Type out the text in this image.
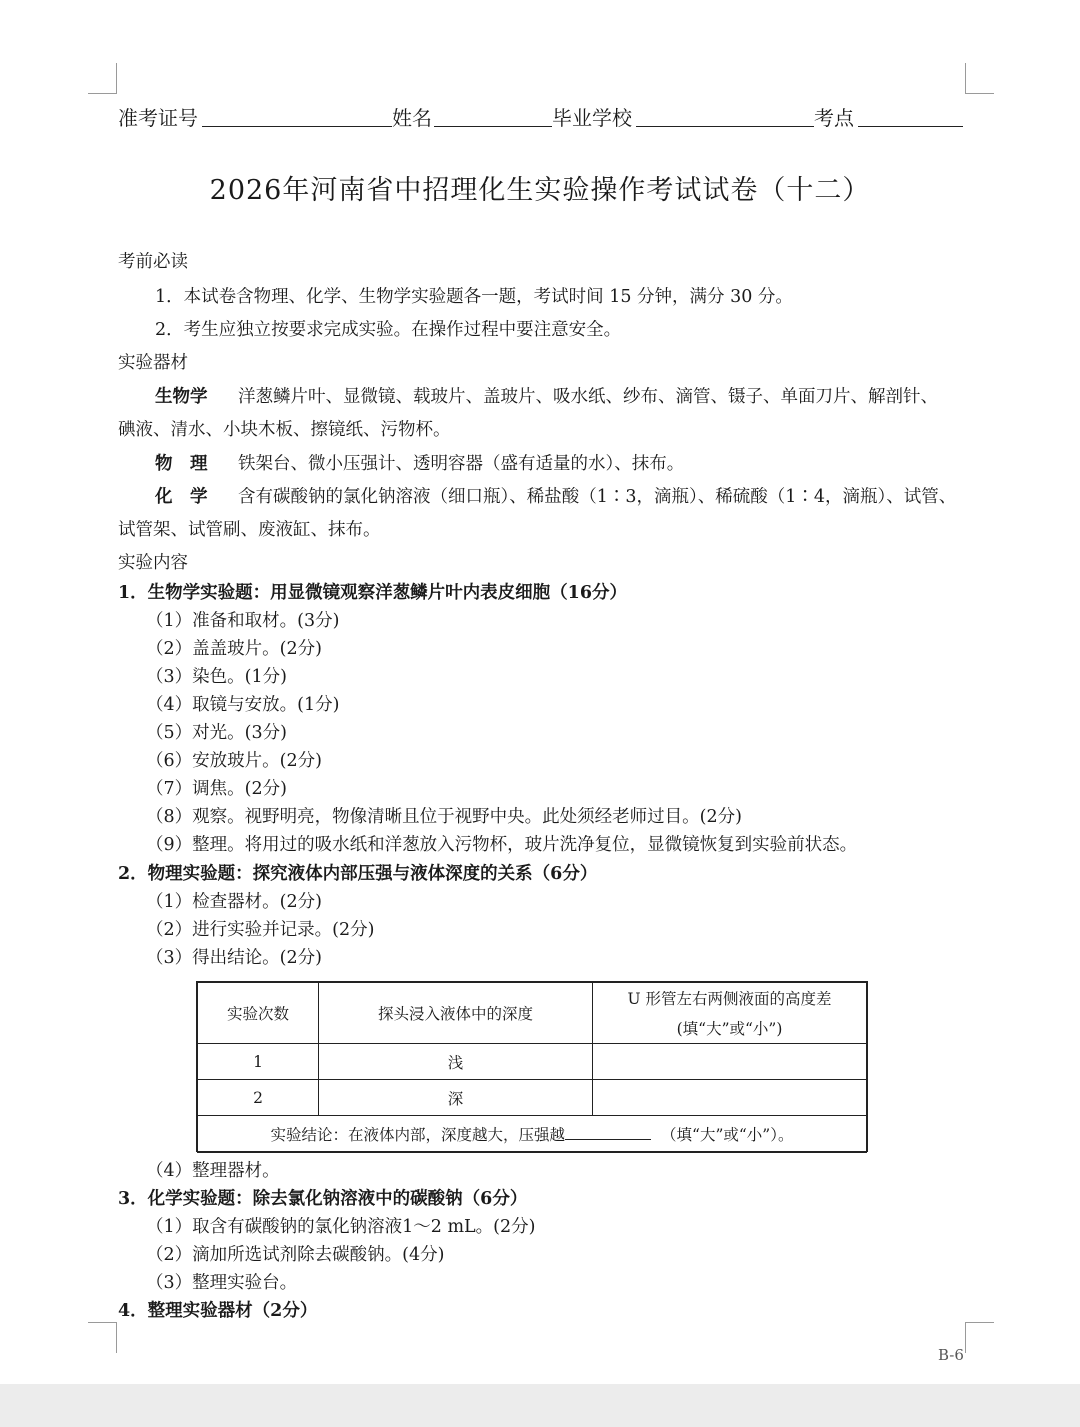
准考证号	姓名	毕业学校	考点
2026年河南省中招理化生实验操作考试试卷（十二）
考前必读
1．本试卷含物理、化学、生物学实验题各一题，考试时间 15 分钟，满分 30 分。
2．考生应独立按要求完成实验。在操作过程中要注意安全。
实验器材
生物学 洋葱鳞片叶、显微镜、载玻片、盖玻片、吸水纸、纱布、滴管、镊子、单面刀片、解剖针、
碘液、清水、小块木板、擦镜纸、污物杯。
物　理 铁架台、微小压强计、透明容器（盛有适量的水）、抹布。
化　学 含有碳酸钠的氯化钠溶液（细口瓶）、稀盐酸（1∶3，滴瓶）、稀硫酸（1∶4，滴瓶）、试管、
试管架、试管刷、废液缸、抹布。
实验内容
1．生物学实验题：用显微镜观察洋葱鳞片叶内表皮细胞（16分）
（1）准备和取材。(3分)
（2）盖盖玻片。(2分)
（3）染色。(1分)
（4）取镜与安放。(1分)
（5）对光。(3分)
（6）安放玻片。(2分)
（7）调焦。(2分)
（8）观察。视野明亮，物像清晰且位于视野中央。此处须经老师过目。(2分)
（9）整理。将用过的吸水纸和洋葱放入污物杯，玻片洗净复位，显微镜恢复到实验前状态。
2．物理实验题：探究液体内部压强与液体深度的关系（6分）
（1）检查器材。(2分)
（2）进行实验并记录。(2分)
（3）得出结论。(2分)
实验次数	探头浸入液体中的深度	U 形管左右两侧液面的高度差
(填“大”或“小”)

1	浅	
2	深	
实验结论：在液体内部，深度越大，压强越 （填“大”或“小”）。		
（4）整理器材。
3．化学实验题：除去氯化钠溶液中的碳酸钠（6分）
（1）取含有碳酸钠的氯化钠溶液1～2 mL。(2分)
（2）滴加所选试剂除去碳酸钠。(4分)
（3）整理实验台。
4．整理实验器材（2分）
B-6
